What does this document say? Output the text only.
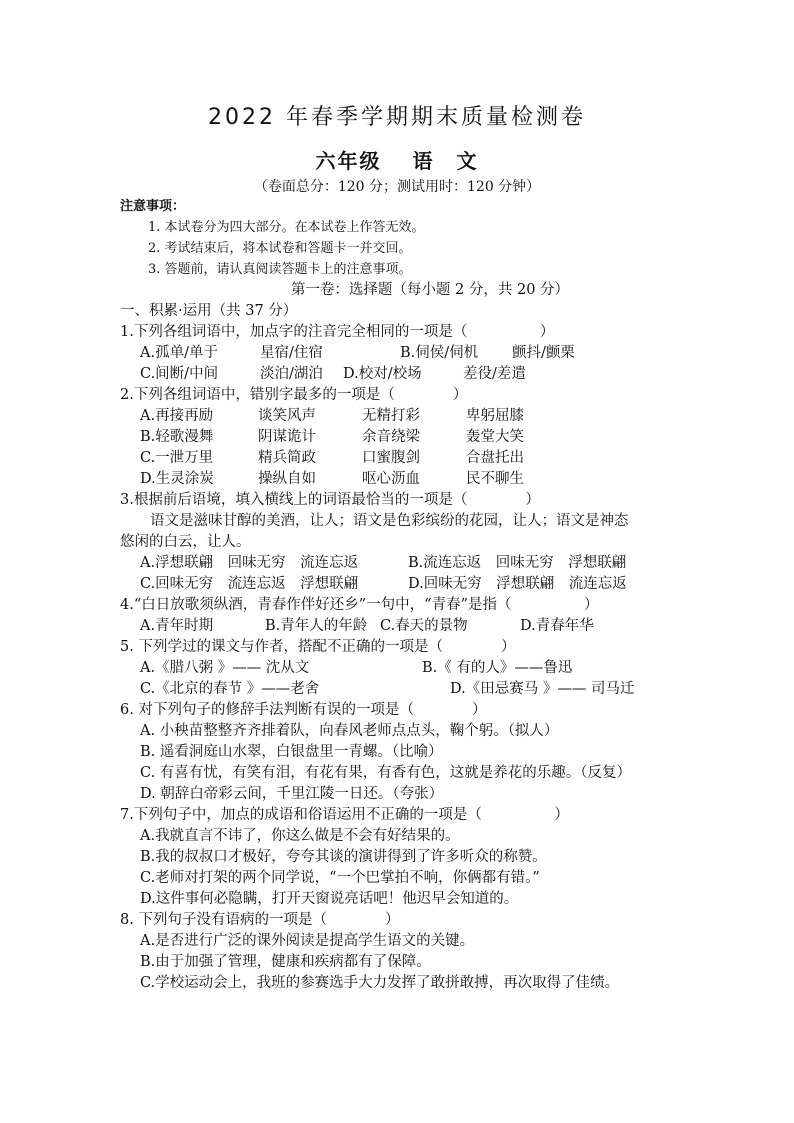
2022 年春季学期期末质量检测卷
六年级　 语　文
（卷面总分：120 分；测试用时：120 分钟）
注意事项：
1. 本试卷分为四大部分。在本试卷上作答无效。
2. 考试结束后，将本试卷和答题卡一并交回。
3. 答题前，请认真阅读答题卡上的注意事项。
第一卷：选择题（每小题 2 分，共 20 分）
一、积累·运用（共 37 分）
1.下列各组词语中，加点字的注音完全相同的一项是（　　　　　）
A.孤单/单于	星宿/住宿	B.伺侯/伺机	颤抖/颤栗
C.间断/中间	淡泊/湖泊	D.校对/校场	差役/差遣
2.下列各组词语中，错别字最多的一项是（　　　　）
A.再接再励	谈笑风声	无精打彩	卑躬屈膝
B.轻歌漫舞	阴谋诡计	余音绕梁	轰堂大笑
C.一泄万里	精兵简政	口蜜腹剑	合盘托出
D.生灵涂炭	操纵自如	呕心沥血	民不聊生
3.根据前后语境，填入横线上的词语最恰当的一项是（　　　　）
语文是滋味甘醇的美酒，让人；语文是色彩缤纷的花园，让人；语文是神态
悠闲的白云，让人。
A.浮想联翩　回味无穷　流连忘返	B.流连忘返　回味无穷　浮想联翩
C.回味无穷　流连忘返　浮想联翩	D.回味无穷　浮想联翩　流连忘返
4.“白日放歌须纵酒，青春作伴好还乡”一句中，“青春”是指（　　　　　）
A.青年时期	B.青年人的年龄 C.春天的景物	D.青春年华
5. 下列学过的课文与作者，搭配不正确的一项是（　　　　）
A.《腊八粥 》—— 沈从文	B.《 有的人》——鲁迅
C.《北京的春节 》——老舍	D.《田忌赛马 》—— 司马迁
6. 对下列句子的修辞手法判断有误的一项是（　　　　）
A. 小秧苗整整齐齐排着队，向春风老师点点头，鞠个躬。（拟人）
B. 遥看洞庭山水翠，白银盘里一青螺。（比喻）
C. 有喜有忧，有笑有泪，有花有果，有香有色，这就是养花的乐趣。（反复）
D. 朝辞白帝彩云间，千里江陵一日还。（夸张）
7.下列句子中，加点的成语和俗语运用不正确的一项是（　　　　　）
A.我就直言不讳了，你这么做是不会有好结果的。
B.我的叔叔口才极好，夸夸其谈的演讲得到了许多听众的称赞。
C.老师对打架的两个同学说，“一个巴掌拍不响，你俩都有错。”
D.这件事何必隐瞒，打开天窗说亮话吧！他迟早会知道的。
8. 下列句子没有语病的一项是（　　　　）
A.是否进行广泛的课外阅读是提高学生语文的关键。
B.由于加强了管理，健康和疾病都有了保障。
C.学校运动会上，我班的参赛选手大力发挥了敢拼敢搏，再次取得了佳绩。
